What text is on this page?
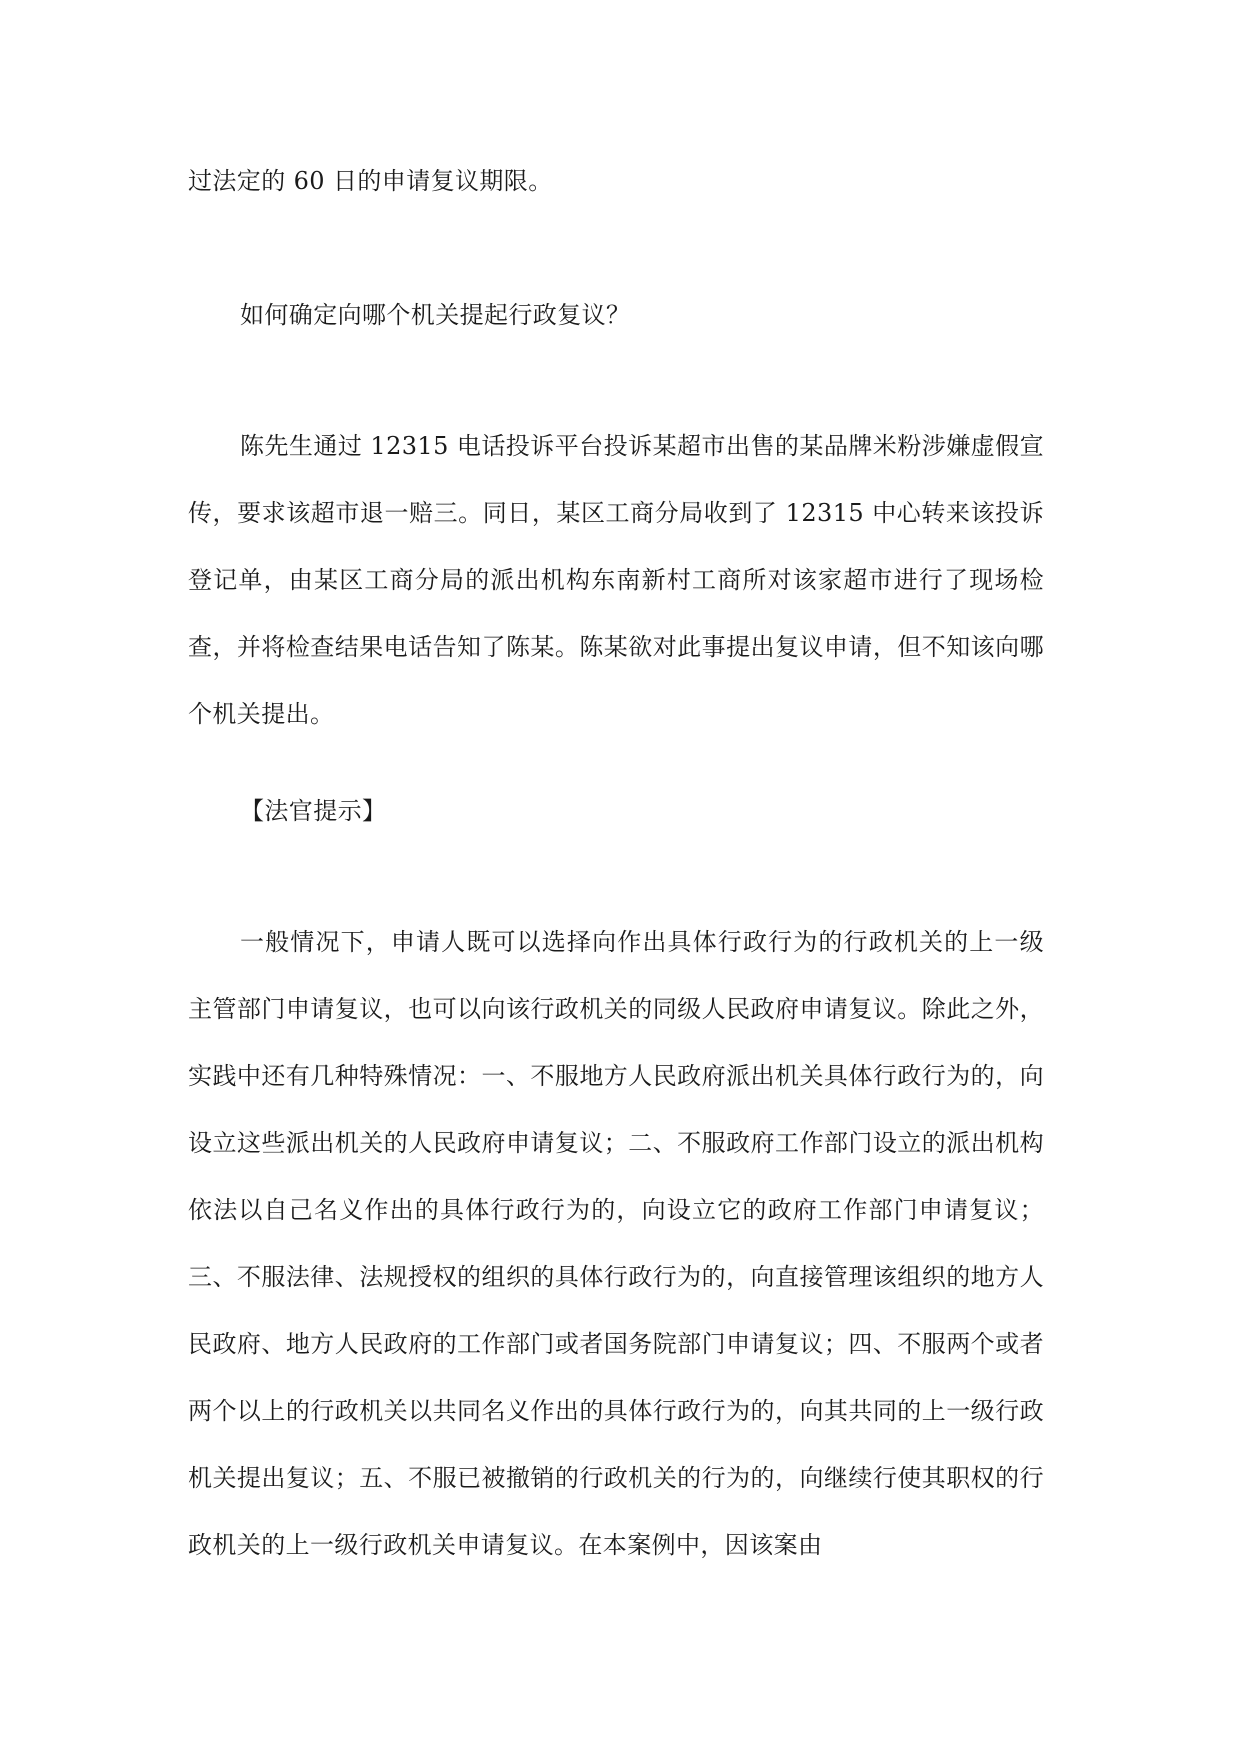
过法定的 60 日的申请复议期限。

如何确定向哪个机关提起行政复议？

陈先生通过 12315 电话投诉平台投诉某超市出售的某品牌米粉涉嫌虚假宣传，要求该超市退一赔三。同日，某区工商分局收到了 12315 中心转来该投诉登记单，由某区工商分局的派出机构东南新村工商所对该家超市进行了现场检查，并将检查结果电话告知了陈某。陈某欲对此事提出复议申请，但不知该向哪个机关提出。

【法官提示】

一般情况下，申请人既可以选择向作出具体行政行为的行政机关的上一级主管部门申请复议，也可以向该行政机关的同级人民政府申请复议。除此之外，实践中还有几种特殊情况：一、不服地方人民政府派出机关具体行政行为的，向设立这些派出机关的人民政府申请复议；二、不服政府工作部门设立的派出机构依法以自己名义作出的具体行政行为的，向设立它的政府工作部门申请复议；三、不服法律、法规授权的组织的具体行政行为的，向直接管理该组织的地方人民政府、地方人民政府的工作部门或者国务院部门申请复议；四、不服两个或者两个以上的行政机关以共同名义作出的具体行政行为的，向其共同的上一级行政机关提出复议；五、不服已被撤销的行政机关的行为的，向继续行使其职权的行政机关的上一级行政机关申请复议。在本案例中，因该案由
